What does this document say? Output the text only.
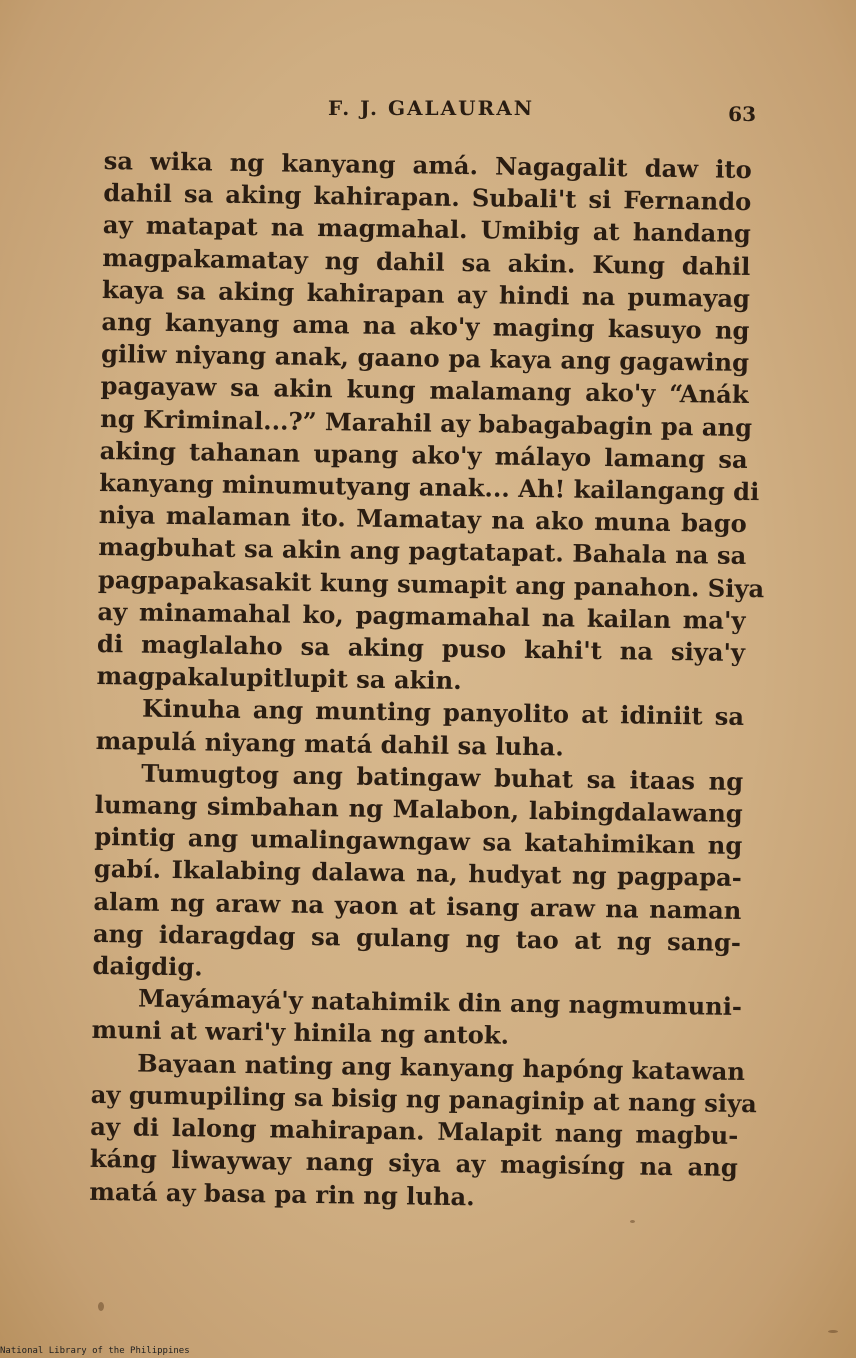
F. J. GALAURAN	63
sa wika ng kanyang amá. Nagagalit daw ito
dahil sa aking kahirapan. Subali't si Fernando
ay matapat na magmahal. Umibig at handang
magpakamatay ng dahil sa akin. Kung dahil
kaya sa aking kahirapan ay hindi na pumayag
ang kanyang ama na ako'y maging kasuyo ng
giliw niyang anak, gaano pa kaya ang gagawing
pagayaw sa akin kung malamang ako'y “Anák
ng Kriminal...?” Marahil ay babagabagin pa ang
aking tahanan upang ako'y málayo lamang sa
kanyang minumutyang anak... Ah! kailangang di
niya malaman ito. Mamatay na ako muna bago
magbuhat sa akin ang pagtatapat. Bahala na sa
pagpapakasakit kung sumapit ang panahon. Siya
ay minamahal ko, pagmamahal na kailan ma'y
di maglalaho sa aking puso kahi't na siya'y
magpakalupitlupit sa akin.
Kinuha ang munting panyolito at idiniit sa
mapulá niyang matá dahil sa luha.
Tumugtog ang batingaw buhat sa itaas ng
lumang simbahan ng Malabon, labingdalawang
pintig ang umalingawngaw sa katahimikan ng
gabí. Ikalabing dalawa na, hudyat ng pagpapa-
alam ng araw na yaon at isang araw na naman
ang idaragdag sa gulang ng tao at ng sang-
daigdig.
Mayámayá'y natahimik din ang nagmumuni-
muni at wari'y hinila ng antok.
Bayaan nating ang kanyang hapóng katawan
ay gumupiling sa bisig ng panaginip at nang siya
ay di lalong mahirapan. Malapit nang magbu-
káng liwayway nang siya ay magisíng na ang
matá ay basa pa rin ng luha.
National Library of the Philippines
